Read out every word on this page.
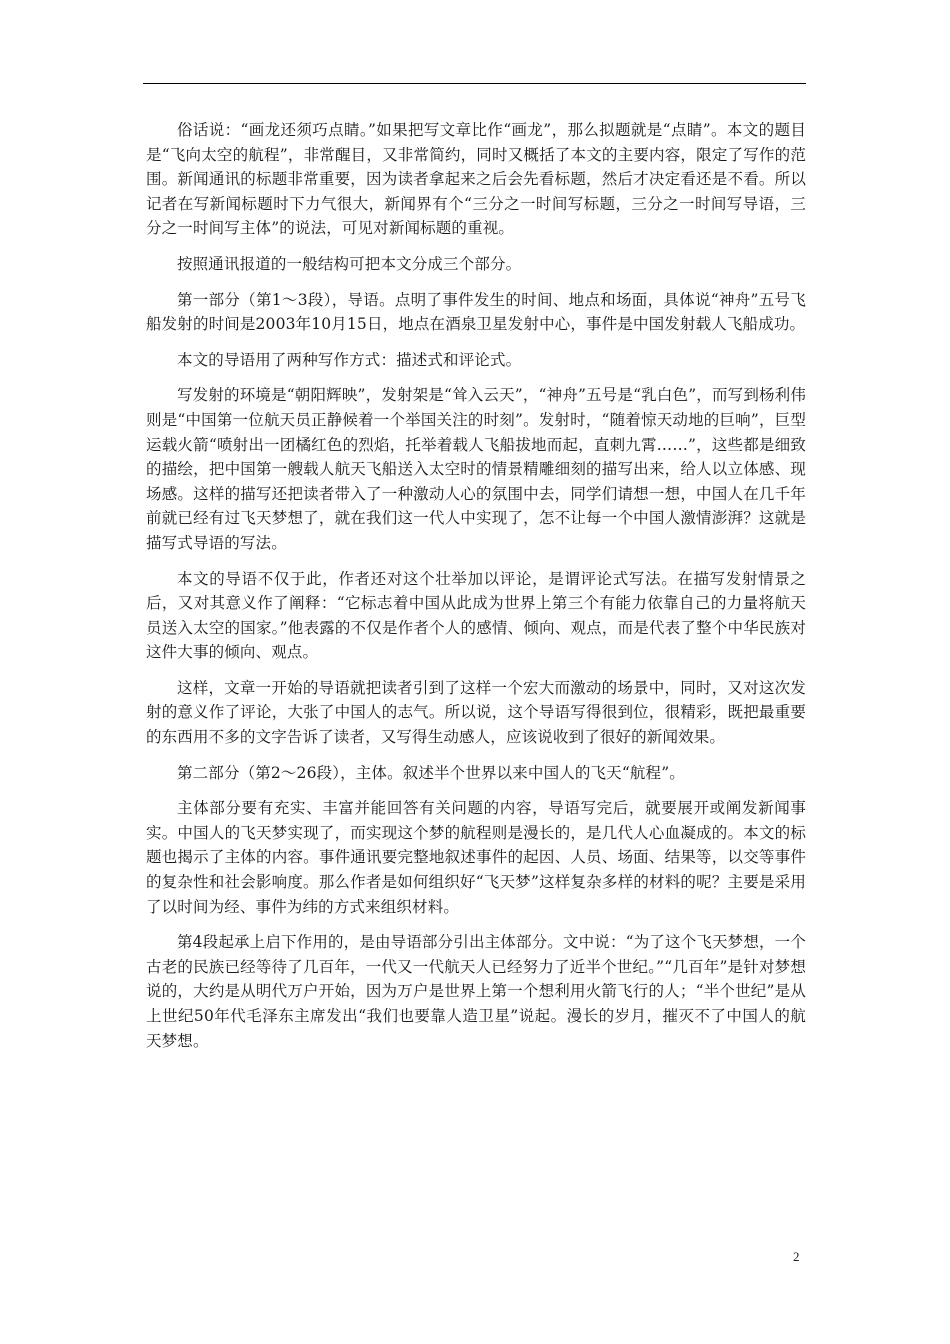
俗话说：“画龙还须巧点睛。”如果把写文章比作“画龙”，那么拟题就是“点睛”。本文的题目是“飞向太空的航程”，非常醒目，又非常简约，同时又概括了本文的主要内容，限定了写作的范围。新闻通讯的标题非常重要，因为读者拿起来之后会先看标题，然后才决定看还是不看。所以记者在写新闻标题时下力气很大，新闻界有个“三分之一时间写标题，三分之一时间写导语，三分之一时间写主体”的说法，可见对新闻标题的重视。

按照通讯报道的一般结构可把本文分成三个部分。

第一部分（第1～3段），导语。点明了事件发生的时间、地点和场面，具体说“神舟”五号飞船发射的时间是2003年10月15日，地点在酒泉卫星发射中心，事件是中国发射载人飞船成功。

本文的导语用了两种写作方式：描述式和评论式。

写发射的环境是“朝阳辉映”，发射架是“耸入云天”，“神舟”五号是“乳白色”，而写到杨利伟则是“中国第一位航天员正静候着一个举国关注的时刻”。发射时，“随着惊天动地的巨响”，巨型运载火箭“喷射出一团橘红色的烈焰，托举着载人飞船拔地而起，直刺九霄……”，这些都是细致的描绘，把中国第一艘载人航天飞船送入太空时的情景精雕细刻的描写出来，给人以立体感、现场感。这样的描写还把读者带入了一种激动人心的氛围中去，同学们请想一想，中国人在几千年前就已经有过飞天梦想了，就在我们这一代人中实现了，怎不让每一个中国人激情澎湃？这就是描写式导语的写法。

本文的导语不仅于此，作者还对这个壮举加以评论，是谓评论式写法。在描写发射情景之后，又对其意义作了阐释：“它标志着中国从此成为世界上第三个有能力依靠自己的力量将航天员送入太空的国家。”他表露的不仅是作者个人的感情、倾向、观点，而是代表了整个中华民族对这件大事的倾向、观点。

这样，文章一开始的导语就把读者引到了这样一个宏大而激动的场景中，同时，又对这次发射的意义作了评论，大张了中国人的志气。所以说，这个导语写得很到位，很精彩，既把最重要的东西用不多的文字告诉了读者，又写得生动感人，应该说收到了很好的新闻效果。

第二部分（第2～26段），主体。叙述半个世界以来中国人的飞天“航程”。

主体部分要有充实、丰富并能回答有关问题的内容，导语写完后，就要展开或阐发新闻事实。中国人的飞天梦实现了，而实现这个梦的航程则是漫长的，是几代人心血凝成的。本文的标题也揭示了主体的内容。事件通讯要完整地叙述事件的起因、人员、场面、结果等，以交等事件的复杂性和社会影响度。那么作者是如何组织好“飞天梦”这样复杂多样的材料的呢？主要是采用了以时间为经、事件为纬的方式来组织材料。

第4段起承上启下作用的，是由导语部分引出主体部分。文中说：“为了这个飞天梦想，一个古老的民族已经等待了几百年，一代又一代航天人已经努力了近半个世纪。”“几百年”是针对梦想说的，大约是从明代万户开始，因为万户是世界上第一个想利用火箭飞行的人；“半个世纪”是从上世纪50年代毛泽东主席发出“我们也要靠人造卫星”说起。漫长的岁月，摧灭不了中国人的航天梦想。

2
